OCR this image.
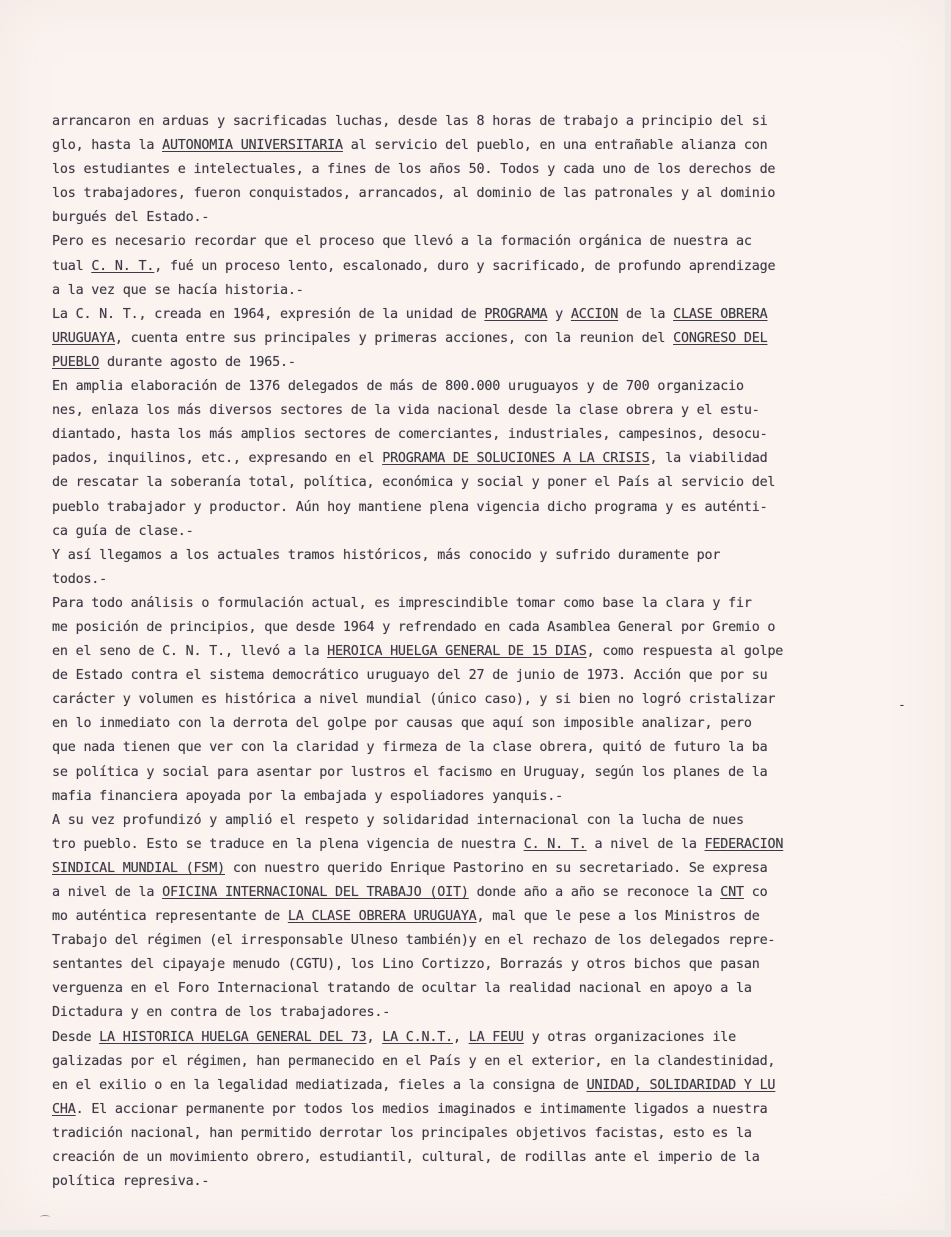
arrancaron en arduas y sacrificadas luchas, desde las 8 horas de trabajo a principio del si
glo, hasta la AUTONOMIA UNIVERSITARIA al servicio del pueblo, en una entrañable alianza con
los estudiantes e intelectuales, a fines de los años 50. Todos y cada uno de los derechos de
los trabajadores, fueron conquistados, arrancados, al dominio de las patronales y al dominio
burgués del Estado.-
Pero es necesario recordar que el proceso que llevó a la formación orgánica de nuestra ac
tual C. N. T., fué un proceso lento, escalonado, duro y sacrificado, de profundo aprendizage
a la vez que se hacía historia.-
La C. N. T., creada en 1964, expresión de la unidad de PROGRAMA y ACCION de la CLASE OBRERA
URUGUAYA, cuenta entre sus principales y primeras acciones, con la reunion del CONGRESO DEL
PUEBLO durante agosto de 1965.-
En amplia elaboración de 1376 delegados de más de 800.000 uruguayos y de 700 organizacio
nes, enlaza los más diversos sectores de la vida nacional desde la clase obrera y el estu-
diantado, hasta los más amplios sectores de comerciantes, industriales, campesinos, desocu-
pados, inquilinos, etc., expresando en el PROGRAMA DE SOLUCIONES A LA CRISIS, la viabilidad
de rescatar la soberanía total, política, económica y social y poner el País al servicio del
pueblo trabajador y productor. Aún hoy mantiene plena vigencia dicho programa y es auténti-
ca guía de clase.-
Y así llegamos a los actuales tramos históricos, más conocido y sufrido duramente por
todos.-
Para todo análisis o formulación actual, es imprescindible tomar como base la clara y fir
me posición de principios, que desde 1964 y refrendado en cada Asamblea General por Gremio o
en el seno de C. N. T., llevó a la HEROICA HUELGA GENERAL DE 15 DIAS, como respuesta al golpe
de Estado contra el sistema democrático uruguayo del 27 de junio de 1973. Acción que por su
carácter y volumen es histórica a nivel mundial (único caso), y si bien no logró cristalizar
en lo inmediato con la derrota del golpe por causas que aquí son imposible analizar, pero
que nada tienen que ver con la claridad y firmeza de la clase obrera, quitó de futuro la ba
se política y social para asentar por lustros el facismo en Uruguay, según los planes de la
mafia financiera apoyada por la embajada y espoliadores yanquis.-
A su vez profundizó y amplió el respeto y solidaridad internacional con la lucha de nues
tro pueblo. Esto se traduce en la plena vigencia de nuestra C. N. T. a nivel de la FEDERACION
SINDICAL MUNDIAL (FSM) con nuestro querido Enrique Pastorino en su secretariado. Se expresa
a nivel de la OFICINA INTERNACIONAL DEL TRABAJO (OIT) donde año a año se reconoce la CNT co
mo auténtica representante de LA CLASE OBRERA URUGUAYA, mal que le pese a los Ministros de
Trabajo del régimen (el irresponsable Ulneso también)y en el rechazo de los delegados repre-
sentantes del cipayaje menudo (CGTU), los Lino Cortizzo, Borrazás y otros bichos que pasan
verguenza en el Foro Internacional tratando de ocultar la realidad nacional en apoyo a la
Dictadura y en contra de los trabajadores.-
Desde LA HISTORICA HUELGA GENERAL DEL 73, LA C.N.T., LA FEUU y otras organizaciones ile
galizadas por el régimen, han permanecido en el País y en el exterior, en la clandestinidad,
en el exilio o en la legalidad mediatizada, fieles a la consigna de UNIDAD, SOLIDARIDAD Y LU
CHA. El accionar permanente por todos los medios imaginados e intimamente ligados a nuestra
tradición nacional, han permitido derrotar los principales objetivos facistas, esto es la
creación de un movimiento obrero, estudiantil, cultural, de rodillas ante el imperio de la
política represiva.-
-
